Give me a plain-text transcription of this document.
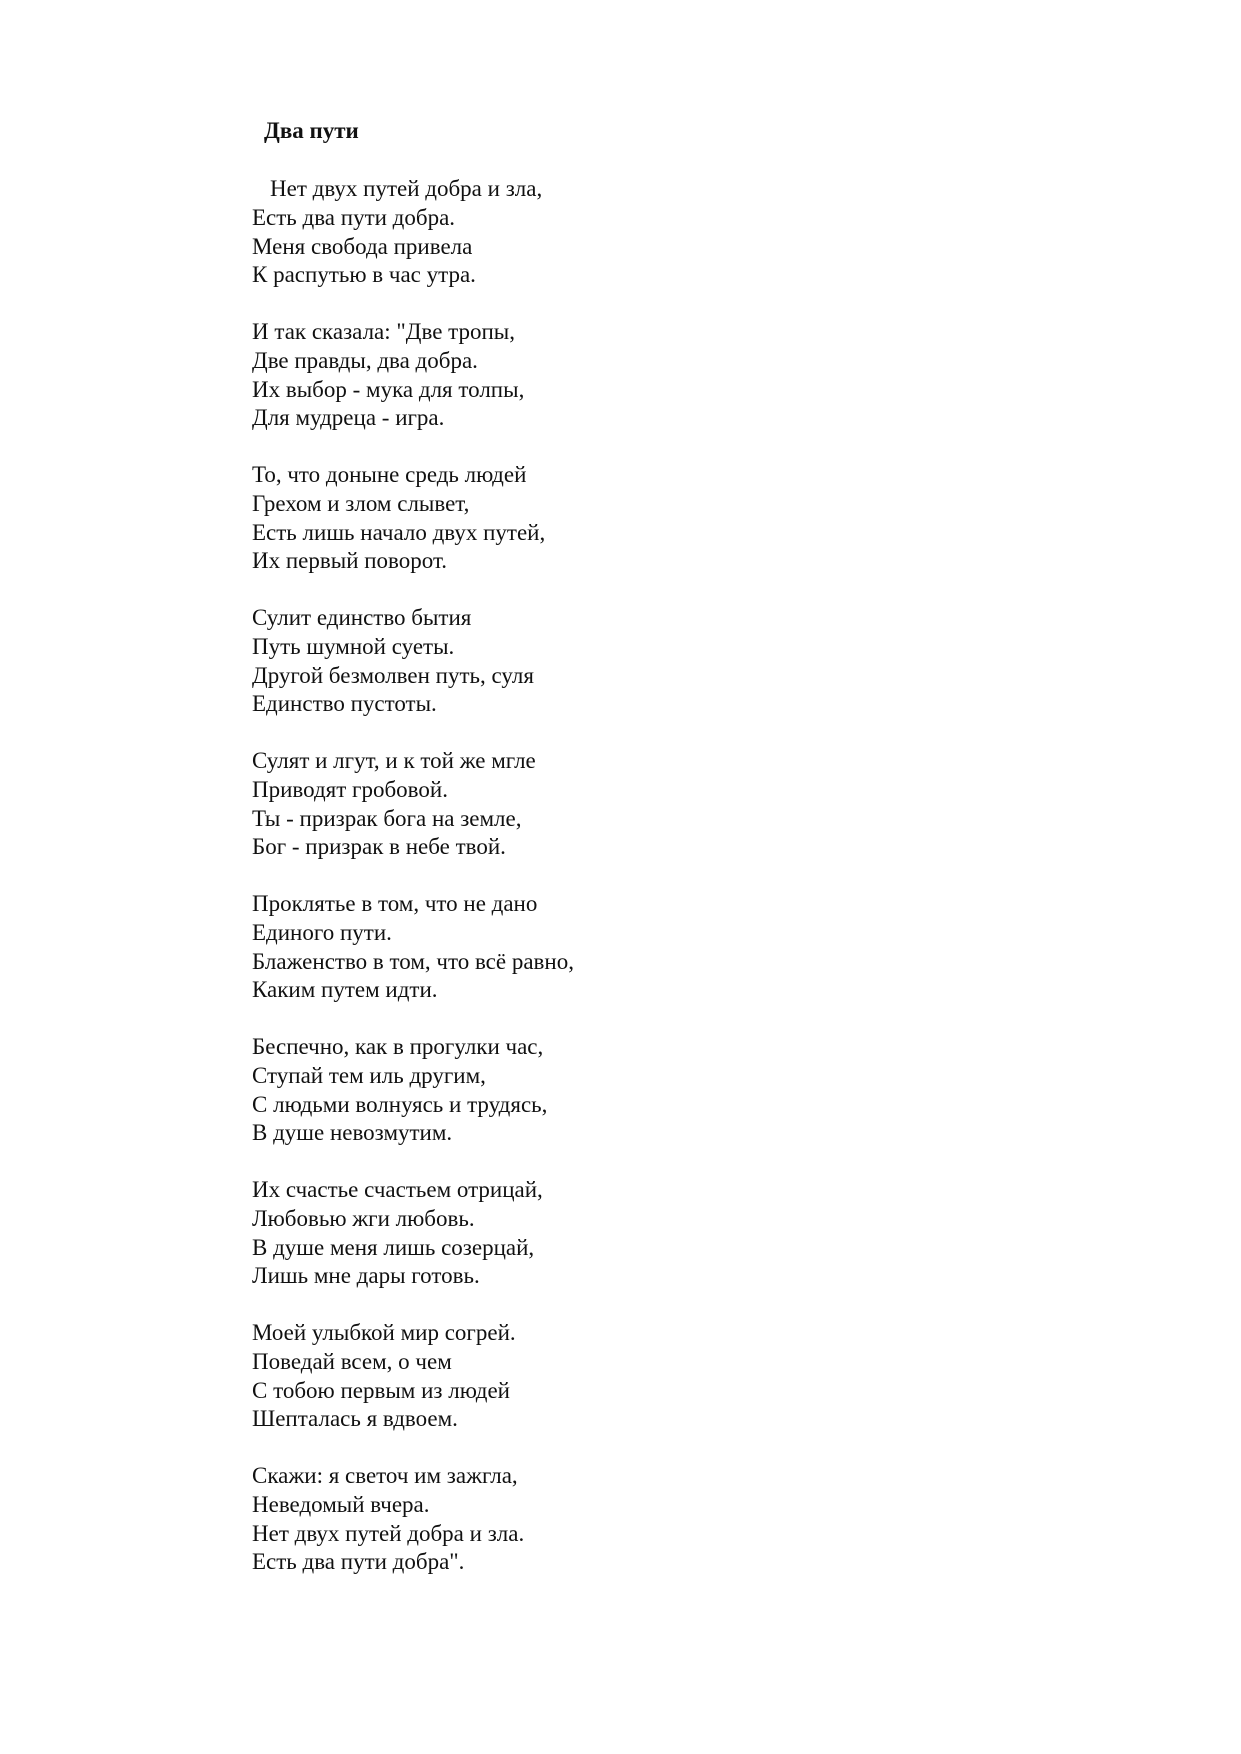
Два пути
Нет двух путей добра и зла,
Есть два пути добра.
Меня свобода привела
К распутью в час утра.
И так сказала: "Две тропы,
Две правды, два добра.
Их выбор - мука для толпы,
Для мудреца - игра.
То, что доныне средь людей
Грехом и злом слывет,
Есть лишь начало двух путей,
Их первый поворот.
Сулит единство бытия
Путь шумной суеты.
Другой безмолвен путь, суля
Единство пустоты.
Сулят и лгут, и к той же мгле
Приводят гробовой.
Ты - призрак бога на земле,
Бог - призрак в небе твой.
Проклятье в том, что не дано
Единого пути.
Блаженство в том, что всё равно,
Каким путем идти.
Беспечно, как в прогулки час,
Ступай тем иль другим,
С людьми волнуясь и трудясь,
В душе невозмутим.
Их счастье счастьем отрицай,
Любовью жги любовь.
В душе меня лишь созерцай,
Лишь мне дары готовь.
Моей улыбкой мир согрей.
Поведай всем, о чем
С тобою первым из людей
Шепталась я вдвоем.
Скажи: я светоч им зажгла,
Неведомый вчера.
Нет двух путей добра и зла.
Есть два пути добра".
